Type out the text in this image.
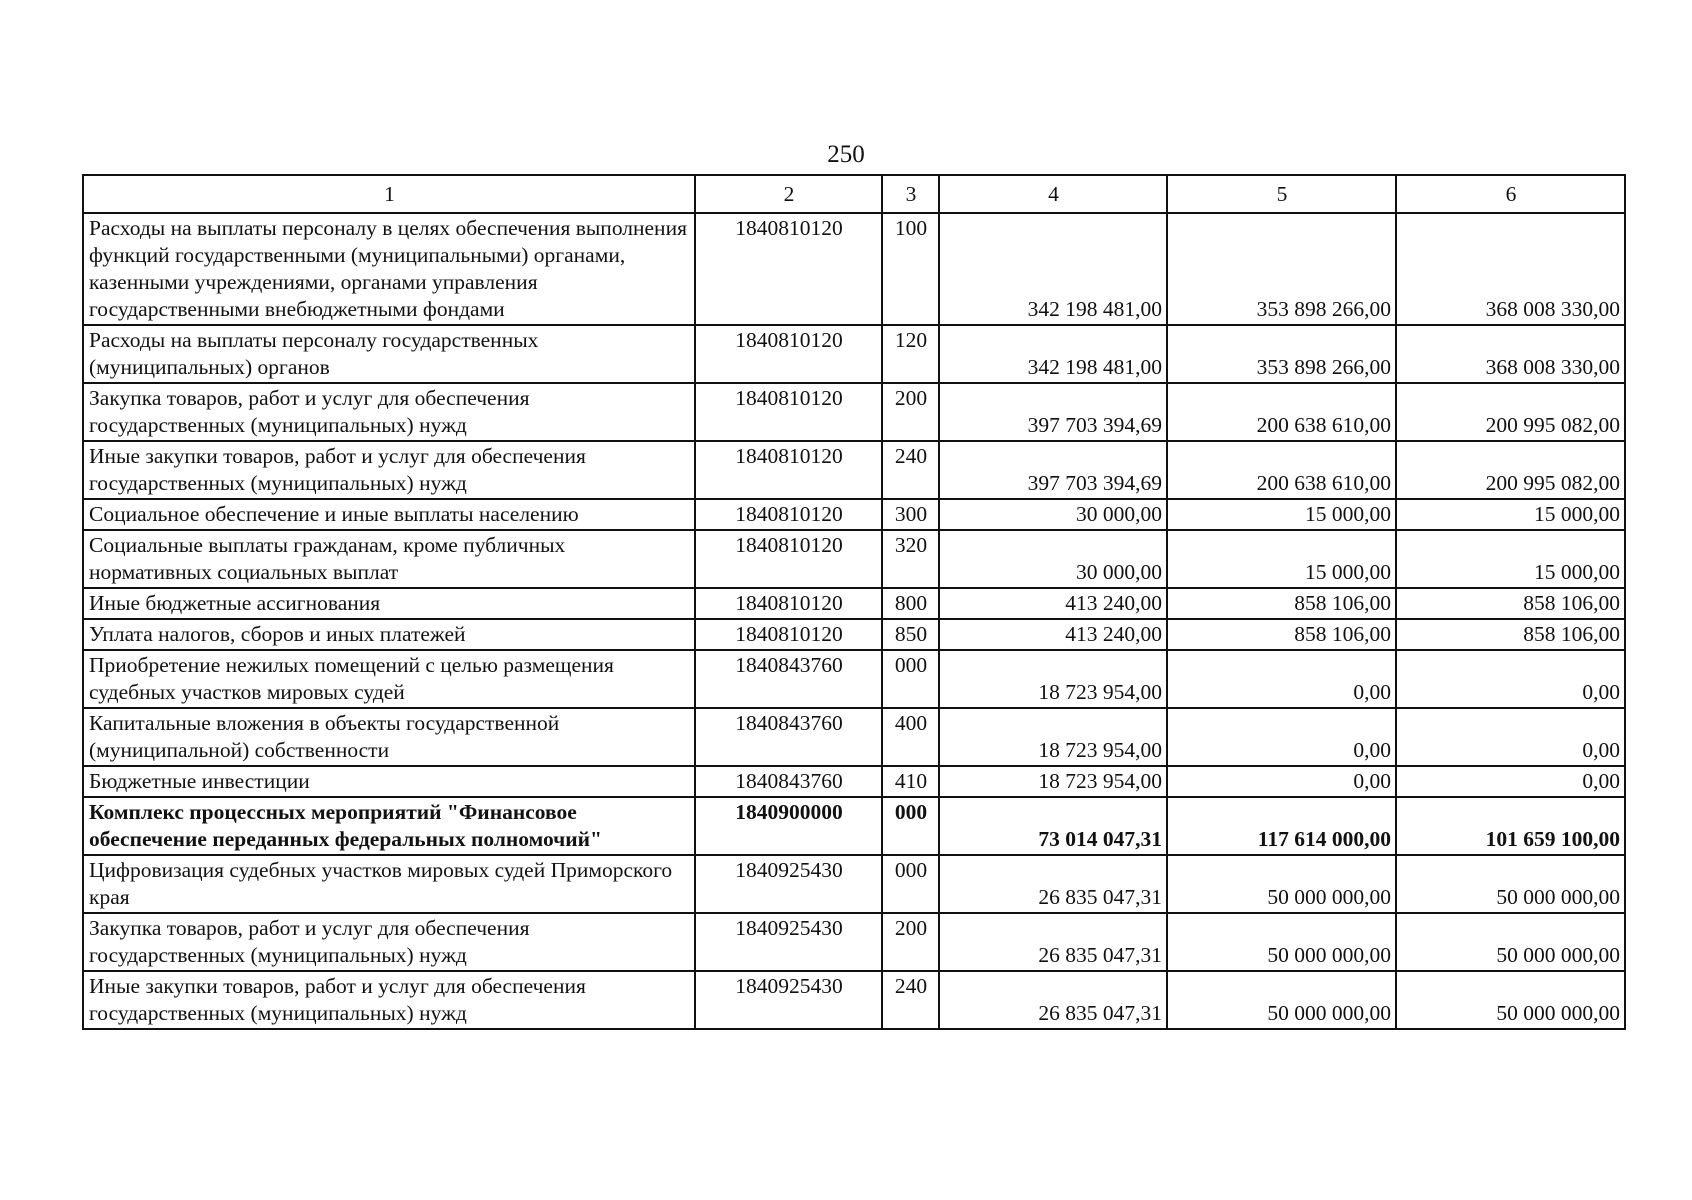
250
1	2	3	4	5	6
Расходы на выплаты персоналу в целях обеспечения выполнения функций государственными (муниципальными) органами, казенными учреждениями, органами управления государственными внебюджетными фондами	1840810120	100	342 198 481,00	353 898 266,00	368 008 330,00
Расходы на выплаты персоналу государственных (муниципальных) органов	1840810120	120	342 198 481,00	353 898 266,00	368 008 330,00
Закупка товаров, работ и услуг для обеспечения государственных (муниципальных) нужд	1840810120	200	397 703 394,69	200 638 610,00	200 995 082,00
Иные закупки товаров, работ и услуг для обеспечения государственных (муниципальных) нужд	1840810120	240	397 703 394,69	200 638 610,00	200 995 082,00
Социальное обеспечение и иные выплаты населению	1840810120	300	30 000,00	15 000,00	15 000,00
Социальные выплаты гражданам, кроме публичных нормативных социальных выплат	1840810120	320	30 000,00	15 000,00	15 000,00
Иные бюджетные ассигнования	1840810120	800	413 240,00	858 106,00	858 106,00
Уплата налогов, сборов и иных платежей	1840810120	850	413 240,00	858 106,00	858 106,00
Приобретение нежилых помещений с целью размещения судебных участков мировых судей	1840843760	000	18 723 954,00	0,00	0,00
Капитальные вложения в объекты государственной (муниципальной) собственности	1840843760	400	18 723 954,00	0,00	0,00
Бюджетные инвестиции	1840843760	410	18 723 954,00	0,00	0,00
Комплекс процессных мероприятий "Финансовое обеспечение переданных федеральных полномочий"	1840900000	000	73 014 047,31	117 614 000,00	101 659 100,00
Цифровизация судебных участков мировых судей Приморского края	1840925430	000	26 835 047,31	50 000 000,00	50 000 000,00
Закупка товаров, работ и услуг для обеспечения государственных (муниципальных) нужд	1840925430	200	26 835 047,31	50 000 000,00	50 000 000,00
Иные закупки товаров, работ и услуг для обеспечения государственных (муниципальных) нужд	1840925430	240	26 835 047,31	50 000 000,00	50 000 000,00
